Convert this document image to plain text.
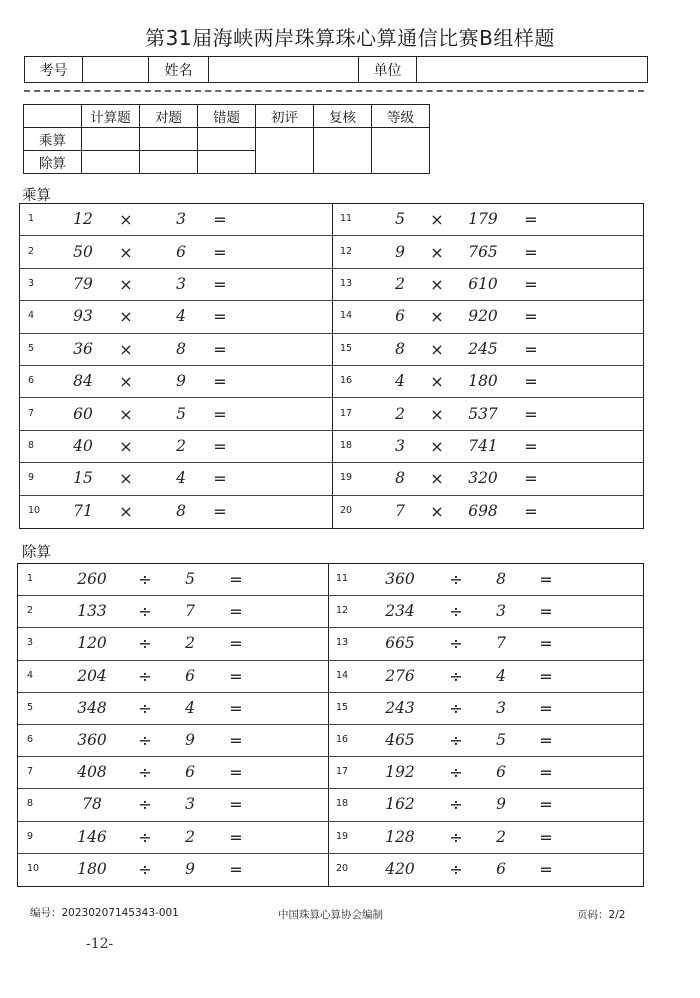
第31届海峡两岸珠算珠心算通信比赛B组样题
考号	姓名	单位
	计算题	对题	错题	初评	复核	等级
乘算						
除算						
乘算
1	12	×	3	=
2	50	×	6	=
3	79	×	3	=
4	93	×	4	=
5	36	×	8	=
6	84	×	9	=
7	60	×	5	=
8	40	×	2	=
9	15	×	4	=
10	71	×	8	=
11	5	×	179	=
12	9	×	765	=
13	2	×	610	=
14	6	×	920	=
15	8	×	245	=
16	4	×	180	=
17	2	×	537	=
18	3	×	741	=
19	8	×	320	=
20	7	×	698	=
除算
1	260	÷	5	=
2	133	÷	7	=
3	120	÷	2	=
4	204	÷	6	=
5	348	÷	4	=
6	360	÷	9	=
7	408	÷	6	=
8	78	÷	3	=
9	146	÷	2	=
10	180	÷	9	=
11	360	÷	8	=
12	234	÷	3	=
13	665	÷	7	=
14	276	÷	4	=
15	243	÷	3	=
16	465	÷	5	=
17	192	÷	6	=
18	162	÷	9	=
19	128	÷	2	=
20	420	÷	6	=
编号：20230207145343-001	中国珠算心算协会编制	页码：2/2
-12-
